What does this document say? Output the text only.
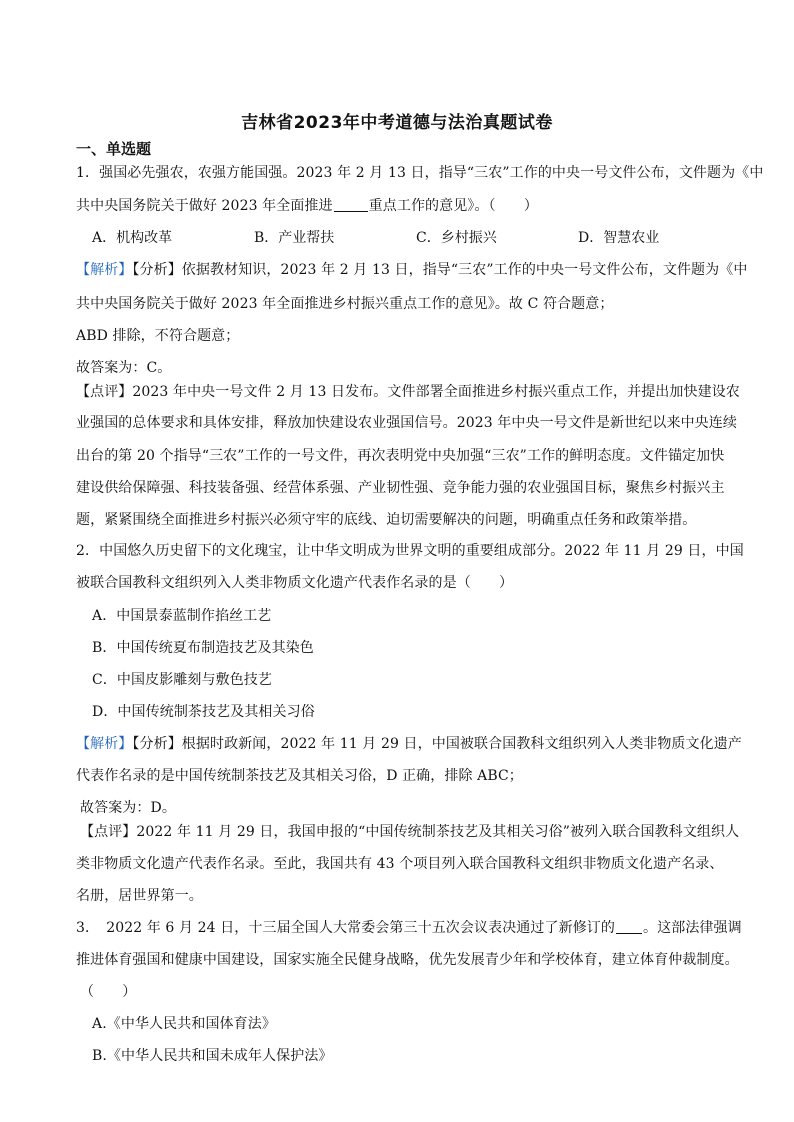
吉林省2023年中考道德与法治真题试卷
一、单选题
1．强国必先强农，农强方能国强。2023 年 2 月 13 日，指导“三农”工作的中央一号文件公布，文件题为《中
共中央国务院关于做好 2023 年全面推进	重点工作的意见》。（　　）
A．机构改革	B．产业帮扶	C．乡村振兴	D．智慧农业
【解析】【分析】依据教材知识，2023 年 2 月 13 日，指导“三农”工作的中央一号文件公布，文件题为《中
共中央国务院关于做好 2023 年全面推进乡村振兴重点工作的意见》。故 C 符合题意；
ABD 排除，不符合题意；
故答案为：C。
【点评】2023 年中央一号文件 2 月 13 日发布。文件部署全面推进乡村振兴重点工作，并提出加快建设农
业强国的总体要求和具体安排，释放加快建设农业强国信号。2023 年中央一号文件是新世纪以来中央连续
出台的第 20 个指导“三农”工作的一号文件，再次表明党中央加强“三农”工作的鲜明态度。文件锚定加快
建设供给保障强、科技装备强、经营体系强、产业韧性强、竞争能力强的农业强国目标，聚焦乡村振兴主
题，紧紧围绕全面推进乡村振兴必须守牢的底线、迫切需要解决的问题，明确重点任务和政策举措。
2．中国悠久历史留下的文化瑰宝，让中华文明成为世界文明的重要组成部分。2022 年 11 月 29 日，中国
被联合国教科文组织列入人类非物质文化遗产代表作名录的是（　　）
A．中国景泰蓝制作掐丝工艺
B．中国传统夏布制造技艺及其染色
C．中国皮影雕刻与敷色技艺
D．中国传统制茶技艺及其相关习俗
【解析】【分析】根据时政新闻，2022 年 11 月 29 日，中国被联合国教科文组织列入人类非物质文化遗产
代表作名录的是中国传统制茶技艺及其相关习俗，D 正确，排除 ABC；
故答案为：D。
【点评】2022 年 11 月 29 日，我国申报的“中国传统制茶技艺及其相关习俗”被列入联合国教科文组织人
类非物质文化遗产代表作名录。至此，我国共有 43 个项目列入联合国教科文组织非物质文化遗产名录、
名册，居世界第一。
3．　2022 年 6 月 24 日，十三届全国人大常委会第三十五次会议表决通过了新修订的 。这部法律强调
推进体育强国和健康中国建设，国家实施全民健身战略，优先发展青少年和学校体育，建立体育仲裁制度。
（　　）
A.《中华人民共和国体育法》
B.《中华人民共和国未成年人保护法》
